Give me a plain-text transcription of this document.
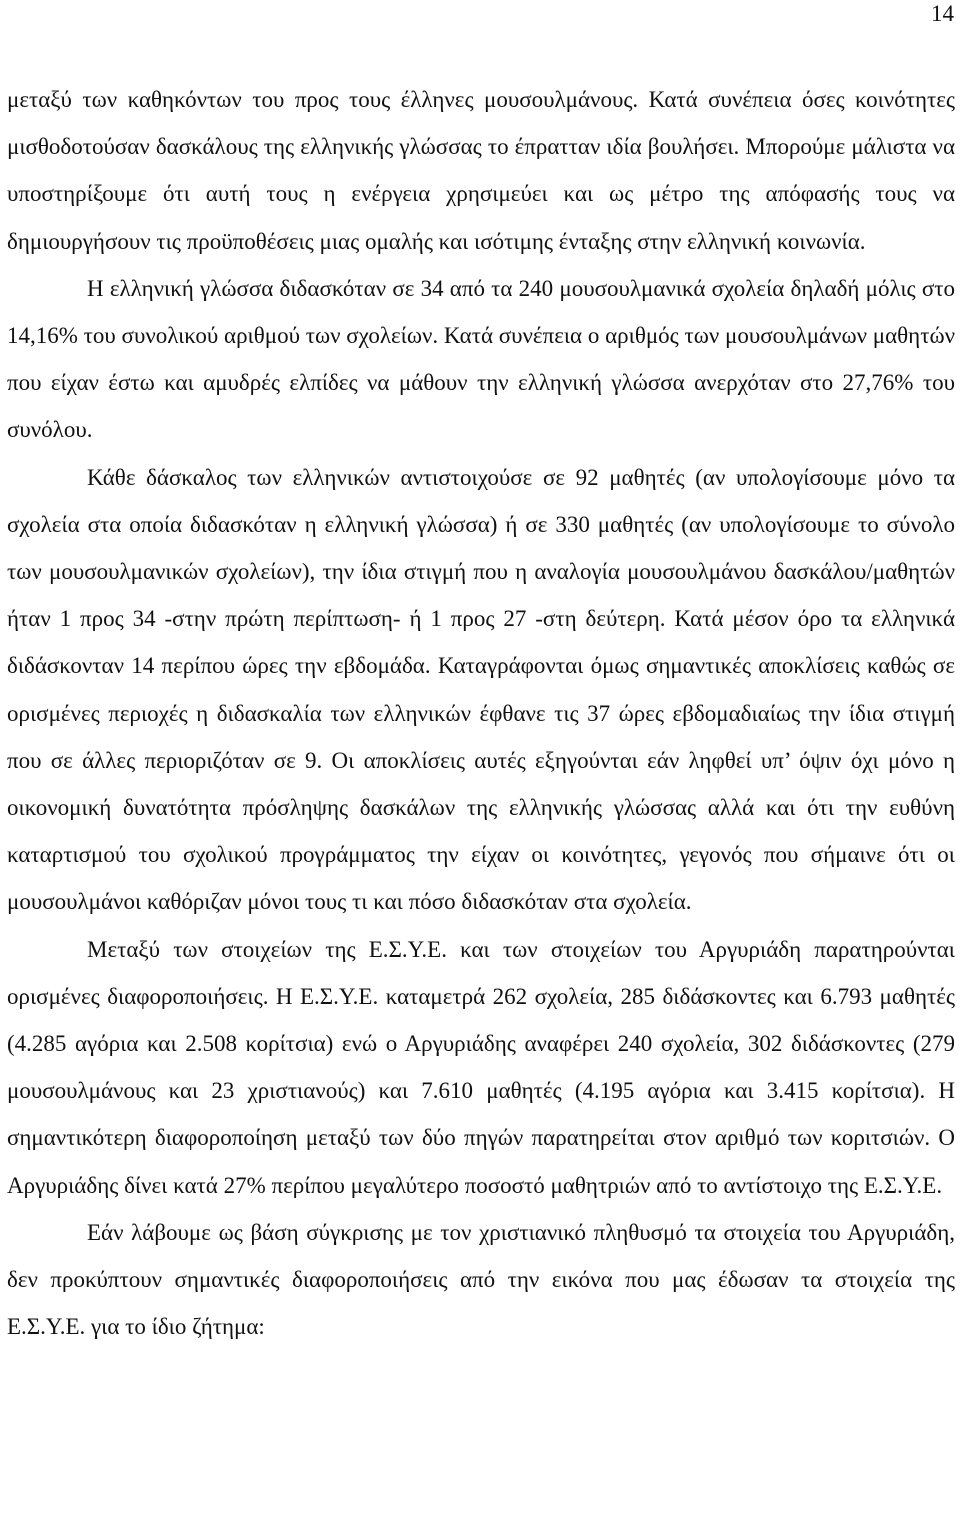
14

μεταξύ των καθηκόντων του προς τους έλληνες μουσουλμάνους. Κατά συνέπεια όσες κοινότητες μισθοδοτούσαν δασκάλους της ελληνικής γλώσσας το έπρατταν ιδία βουλήσει. Μπορούμε μάλιστα να υποστηρίξουμε ότι αυτή τους η ενέργεια χρησιμεύει και ως μέτρο της απόφασής τους να δημιουργήσουν τις προϋποθέσεις μιας ομαλής και ισότιμης ένταξης στην ελληνική κοινωνία.

Η ελληνική γλώσσα διδασκόταν σε 34 από τα 240 μουσουλμανικά σχολεία δηλαδή μόλις στο 14,16% του συνολικού αριθμού των σχολείων. Κατά συνέπεια ο αριθμός των μουσουλμάνων μαθητών που είχαν έστω και αμυδρές ελπίδες να μάθουν την ελληνική γλώσσα ανερχόταν στο 27,76% του συνόλου.

Κάθε δάσκαλος των ελληνικών αντιστοιχούσε σε 92 μαθητές (αν υπολογίσουμε μόνο τα σχολεία στα οποία διδασκόταν η ελληνική γλώσσα) ή σε 330 μαθητές (αν υπολογίσουμε το σύνολο των μουσουλμανικών σχολείων), την ίδια στιγμή που η αναλογία μουσουλμάνου δασκάλου/μαθητών ήταν 1 προς 34 -στην πρώτη περίπτωση- ή 1 προς 27 -στη δεύτερη. Κατά μέσον όρο τα ελληνικά διδάσκονταν 14 περίπου ώρες την εβδομάδα. Καταγράφονται όμως σημαντικές αποκλίσεις καθώς σε ορισμένες περιοχές η διδασκαλία των ελληνικών έφθανε τις 37 ώρες εβδομαδιαίως την ίδια στιγμή που σε άλλες περιοριζόταν σε 9. Οι αποκλίσεις αυτές εξηγούνται εάν ληφθεί υπ’ όψιν όχι μόνο η οικονομική δυνατότητα πρόσληψης δασκάλων της ελληνικής γλώσσας αλλά και ότι την ευθύνη καταρτισμού του σχολικού προγράμματος την είχαν οι κοινότητες, γεγονός που σήμαινε ότι οι μουσουλμάνοι καθόριζαν μόνοι τους τι και πόσο διδασκόταν στα σχολεία.

Μεταξύ των στοιχείων της Ε.Σ.Υ.Ε. και των στοιχείων του Αργυριάδη παρατηρούνται ορισμένες διαφοροποιήσεις. Η Ε.Σ.Υ.Ε. καταμετρά 262 σχολεία, 285 διδάσκοντες και 6.793 μαθητές (4.285 αγόρια και 2.508 κορίτσια) ενώ ο Αργυριάδης αναφέρει 240 σχολεία, 302 διδάσκοντες (279 μουσουλμάνους και 23 χριστιανούς) και 7.610 μαθητές (4.195 αγόρια και 3.415 κορίτσια). Η σημαντικότερη διαφοροποίηση μεταξύ των δύο πηγών παρατηρείται στον αριθμό των κοριτσιών. Ο Αργυριάδης δίνει κατά 27% περίπου μεγαλύτερο ποσοστό μαθητριών από το αντίστοιχο της Ε.Σ.Υ.Ε.

Εάν λάβουμε ως βάση σύγκρισης με τον χριστιανικό πληθυσμό τα στοιχεία του Αργυριάδη, δεν προκύπτουν σημαντικές διαφοροποιήσεις από την εικόνα που μας έδωσαν τα στοιχεία της Ε.Σ.Υ.Ε. για το ίδιο ζήτημα:
